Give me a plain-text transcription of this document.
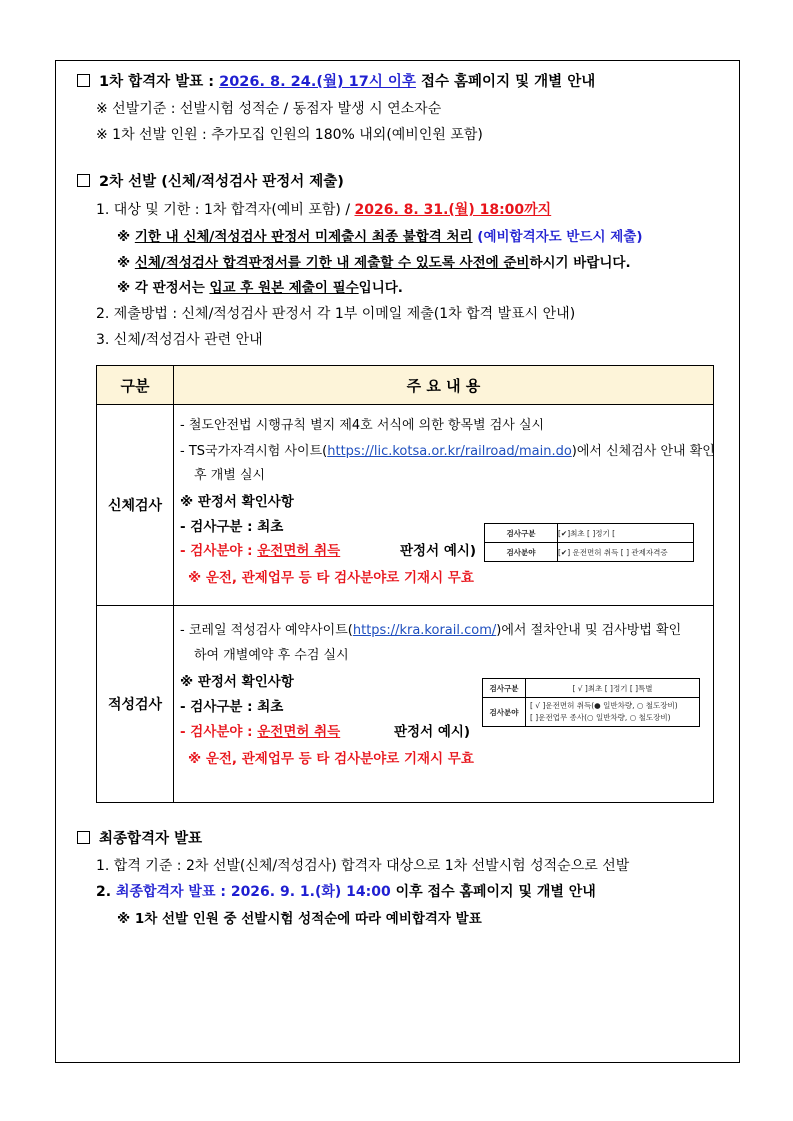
1차 합격자 발표 : 2026. 8. 24.(월) 17시 이후 접수 홈페이지 및 개별 안내
※ 선발기준 : 선발시험 성적순 / 동점자 발생 시 연소자순
※ 1차 선발 인원 : 추가모집 인원의 180% 내외(예비인원 포함)
2차 선발 (신체/적성검사 판정서 제출)
1. 대상 및 기한 : 1차 합격자(예비 포함) / 2026. 8. 31.(월) 18:00까지
※ 기한 내 신체/적성검사 판정서 미제출시 최종 불합격 처리 (예비합격자도 반드시 제출)
※ 신체/적성검사 합격판정서를 기한 내 제출할 수 있도록 사전에 준비하시기 바랍니다.
※ 각 판정서는 입교 후 원본 제출이 필수입니다.
2. 제출방법 : 신체/적성검사 판정서 각 1부 이메일 제출(1차 합격 발표시 안내)
3. 신체/적성검사 관련 안내
구분	주 요 내 용
신체검사	
- 철도안전법 시행규칙 별지 제4호 서식에 의한 항목별 검사 실시
- TS국가자격시험 사이트(https://lic.kotsa.or.kr/railroad/main.do)에서 신체검사 안내 확인
후 개별 실시
※ 판정서 확인사항
- 검사구분 : 최초
- 검사분야 : 운전면허 취득	판정서 예시)
검사구분	[✔]최초 [ ]정기 [
검사분야	[✔] 운전면허 취득 [ ] 관제자격증
※ 운전, 관제업무 등 타 검사분야로 기재시 무효

적성검사	
- 코레일 적성검사 예약사이트(https://kra.korail.com/)에서 절차안내 및 검사방법 확인
하여 개별예약 후 수검 실시
※ 판정서 확인사항
- 검사구분 : 최초
- 검사분야 : 운전면허 취득	판정서 예시)
검사구분	[ √ ]최초 [ ]정기 [ ]특별
검사분야	
[ √ ]운전면허 취득(● 일반차량, ○ 철도장비)
[ ]운전업무 종사(○ 일반차량, ○ 철도장비)
※ 운전, 관제업무 등 타 검사분야로 기재시 무효
최종합격자 발표
1. 합격 기준 : 2차 선발(신체/적성검사) 합격자 대상으로 1차 선발시험 성적순으로 선발
2. 최종합격자 발표 : 2026. 9. 1.(화) 14:00 이후 접수 홈페이지 및 개별 안내
※ 1차 선발 인원 중 선발시험 성적순에 따라 예비합격자 발표
